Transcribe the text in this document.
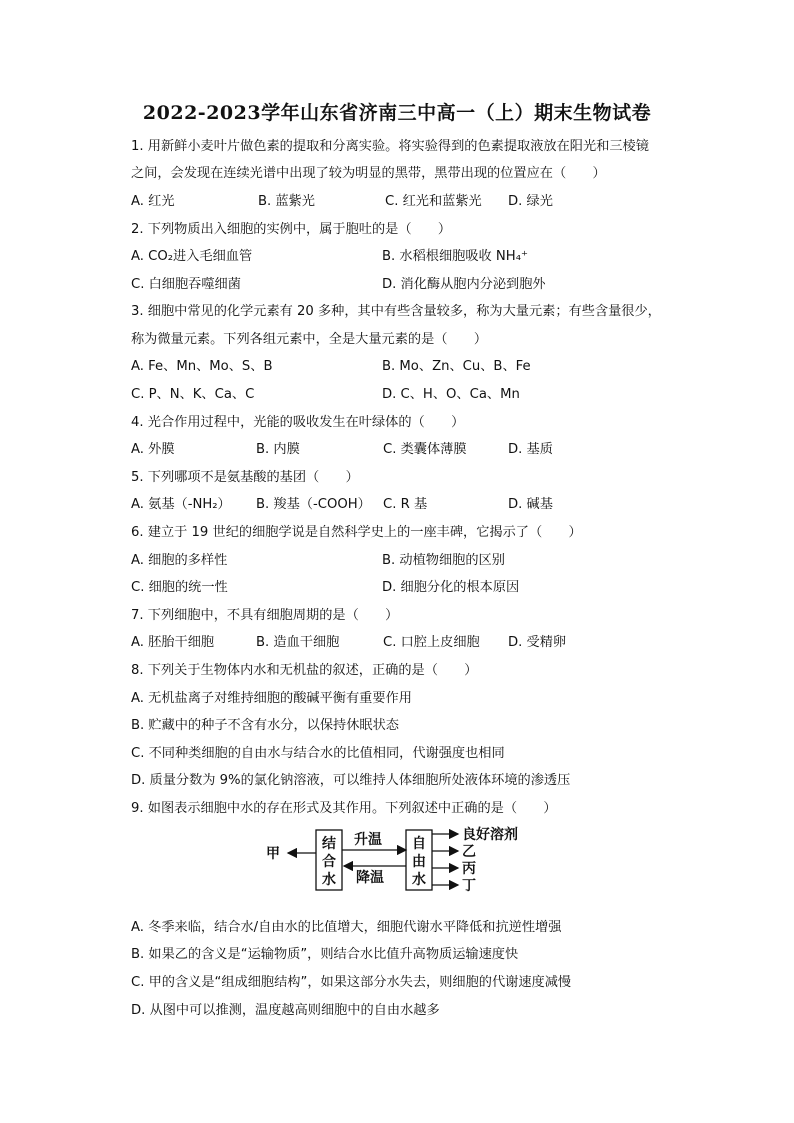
2022-2023学年山东省济南三中高一（上）期末生物试卷
1. 用新鲜小麦叶片做色素的提取和分离实验。将实验得到的色素提取液放在阳光和三棱镜
之间，会发现在连续光谱中出现了较为明显的黑带，黑带出现的位置应在（　　）
A. 红光	B. 蓝紫光	C. 红光和蓝紫光 D. 绿光
2. 下列物质出入细胞的实例中，属于胞吐的是（　　）
A. CO₂进入毛细血管	B. 水稻根细胞吸收 NH₄⁺
C. 白细胞吞噬细菌	D. 消化酶从胞内分泌到胞外
3. 细胞中常见的化学元素有 20 多种，其中有些含量较多，称为大量元素；有些含量很少，
称为微量元素。下列各组元素中，全是大量元素的是（　　）
A. Fe、Mn、Mo、S、B	B. Mo、Zn、Cu、B、Fe
C. P、N、K、Ca、C	D. C、H、O、Ca、Mn
4. 光合作用过程中，光能的吸收发生在叶绿体的（　　）
A. 外膜	B. 内膜	C. 类囊体薄膜	D. 基质
5. 下列哪项不是氨基酸的基团（　　）
A. 氨基（-NH₂） B. 羧基（-COOH） C. R 基	D. 碱基
6. 建立于 19 世纪的细胞学说是自然科学史上的一座丰碑，它揭示了（　　）
A. 细胞的多样性	B. 动植物细胞的区别
C. 细胞的统一性	D. 细胞分化的根本原因
7. 下列细胞中，不具有细胞周期的是（　　）
A. 胚胎干细胞	B. 造血干细胞	C. 口腔上皮细胞 D. 受精卵
8. 下列关于生物体内水和无机盐的叙述，正确的是（　　）
A. 无机盐离子对维持细胞的酸碱平衡有重要作用
B. 贮藏中的种子不含有水分，以保持休眠状态
C. 不同种类细胞的自由水与结合水的比值相同，代谢强度也相同
D. 质量分数为 9%的氯化钠溶液，可以维持人体细胞所处液体环境的渗透压
9. 如图表示细胞中水的存在形式及其作用。下列叙述中正确的是（　　）
甲
结
合
水
升温
降温
自
由
水
良好溶剂
乙
丙
丁
A. 冬季来临，结合水/自由水的比值增大，细胞代谢水平降低和抗逆性增强
B. 如果乙的含义是“运输物质”，则结合水比值升高物质运输速度快
C. 甲的含义是“组成细胞结构”，如果这部分水失去，则细胞的代谢速度减慢
D. 从图中可以推测，温度越高则细胞中的自由水越多
